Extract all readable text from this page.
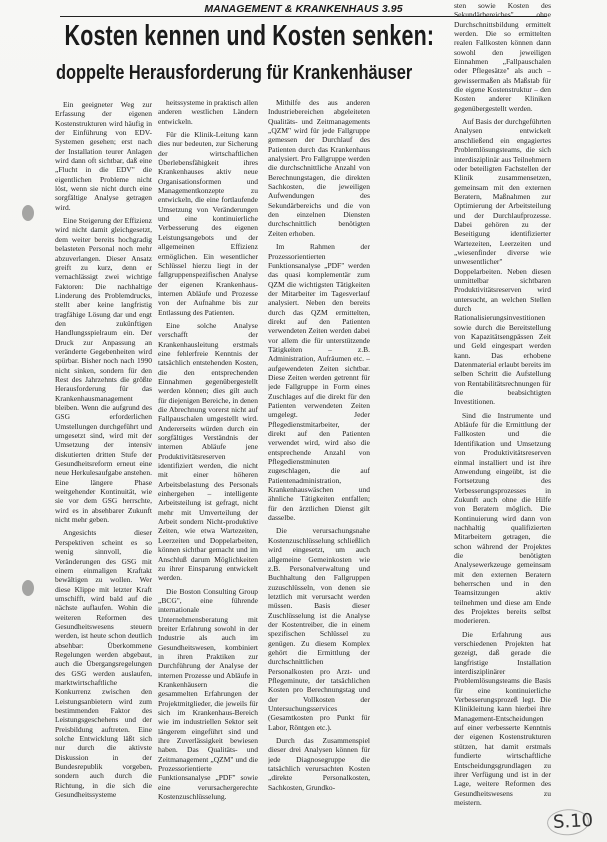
MANAGEMENT & KRANKENHAUS 3.95
Kosten kennen und Kosten senken:
doppelte Herausforderung für Krankenhäuser

Ein geeigneter Weg zur Erfassung der eigenen Kostenstrukturen wird häufig in der Einführung von EDV-Systemen gesehen; erst nach der Installation teurer Anlagen wird dann oft sichtbar, daß eine „Flucht in die EDV" die eigentlichen Probleme nicht löst, wenn sie nicht durch eine sorgfältige Analyse getragen wird.

Eine Steigerung der Effizienz wird nicht damit gleichgesetzt, dem weiter bereits hochgradig belasteten Personal noch mehr abzuverlangen. Dieser Ansatz greift zu kurz, denn er vernachlässigt zwei wichtige Faktoren: Die nachhaltige Linderung des Problemdrucks, stellt aber keine langfristig tragfähige Lösung dar und engt den zukünftigen Handlungsspielraum ein. Der Druck zur Anpassung an veränderte Gegebenheiten wird spürbar. Bisher noch nach 1990 nicht sinken, sondern für den Rest des Jahrzehnts die größte Herausforderung für das Krankenhausmanagement bleiben. Wenn die aufgrund des GSG erforderlichen Umstellungen durchgeführt und umgesetzt sind, wird mit der Umsetzung der intensiv diskutierten dritten Stufe der Gesundheitsreform erneut eine neue Herkulesaufgabe anstehen. Eine längere Phase weitgehender Kontinuität, wie sie vor dem GSG herrschte, wird es in absehbarer Zukunft nicht mehr geben.

Angesichts dieser Perspektiven scheint es so wenig sinnvoll, die Veränderungen des GSG mit einem einmaligen Kraftakt bewältigen zu wollen. Wer diese Klippe mit letzter Kraft umschifft, wird bald auf die nächste auflaufen. Wohin die weiteren Reformen des Gesundheitswesens steuern werden, ist heute schon deutlich absehbar: Überkommene Regelungen werden abgebaut, auch die Übergangsregelungen des GSG werden auslaufen, marktwirtschaftliche Konkurrenz zwischen den Leistungsanbietern wird zum bestimmenden Faktor des Leistungsgeschehens und der Preisbildung auftreten. Eine solche Entwicklung läßt sich nur durch die aktivste Diskussion in der Bundesrepublik vorgeben, sondern auch durch die Richtung, in die sich die Gesundheitssysteme

heitssysteme in praktisch allen anderen westlichen Ländern entwickeln.

Für die Klinik-Leitung kann dies nur bedeuten, zur Sicherung der wirtschaftlichen Überlebensfähigkeit ihres Krankenhauses aktiv neue Organisationsformen und Managementkonzepte zu entwickeln, die eine fortlaufende Umsetzung von Veränderungen und eine kontinuierliche Verbesserung des eigenen Leistungsangebots und der allgemeinen Effizienz ermöglichen. Ein wesentlicher Schlüssel hierzu liegt in der fallgruppenspezifischen Analyse der eigenen Krankenhaus-internen Abläufe und Prozesse von der Aufnahme bis zur Entlassung des Patienten.

Eine solche Analyse verschafft der Krankenhausleitung erstmals eine fehlerfreie Kenntnis der tatsächlich entstehenden Kosten, die den entsprechenden Einnahmen gegenübergestellt werden können; dies gilt auch für diejenigen Bereiche, in denen die Abrechnung vorerst nicht auf Fallpauschalen umgestellt wird. Andererseits würden durch ein sorgfältiges Verständnis der internen Abläufe jene Produktivitätsreserven identifiziert werden, die nicht mit einer höheren Arbeitsbelastung des Personals einhergehen – intelligente Arbeitsteilung ist gefragt, nicht mehr mit Umverteilung der Arbeit sondern Nicht-produktive Zeiten, wie etwa Wartezeiten, Leerzeiten und Doppelarbeiten, können sichtbar gemacht und im Anschluß darum Möglichkeiten zu ihrer Einsparung entwickelt werden.

Die Boston Consulting Group „BCG", eine führende internationale Unternehmensberatung mit breiter Erfahrung sowohl in der Industrie als auch im Gesundheitswesen, kombiniert in ihren Praktiken zur Durchführung der Analyse der internen Prozesse und Abläufe in Krankenhäusern die gesammelten Erfahrungen der Projektmitglieder, die jeweils für sich im Krankenhaus-Bereich wie im industriellen Sektor seit längerem eingeführt sind und ihre Zuverlässigkeit bewiesen haben. Das Qualitäts- und Zeitmanagement „QZM" und die Prozessorientierte Funktionsanalyse „PDF" sowie eine verursachergerechte Kostenzuschlüsselung.

Mithilfe des aus anderen Industriebereichen abgeleiteten Qualitäts- und Zeitmanagements „QZM" wird für jede Fallgruppe gemessen der Durchlauf des Patienten durch das Krankenhaus analysiert. Pro Fallgruppe werden die durchschnittliche Anzahl von Berechnungstagen, die direkten Sachkosten, die jeweiligen Aufwendungen des Sekundärbereichs und die von den einzelnen Diensten durchschnittlich benötigten Zeiten erhoben.

Im Rahmen der Prozessorientierten Funktionsanalyse „PDF" werden das quasi komplementär zum QZM die wichtigsten Tätigkeiten der Mitarbeiter im Tagesverlauf analysiert. Neben den bereits durch das QZM ermittelten, direkt auf den Patienten verwendeten Zeiten werden dabei vor allem die für unterstützende Tätigkeiten – z.B. Administration, Aufräumen etc. – aufgewendeten Zeiten sichtbar. Diese Zeiten werden getrennt für jede Fallgruppe in Form eines Zuschlages auf die direkt für den Patienten verwendeten Zeiten umgelegt. Jeder Pflegedienstmitarbeiter, der direkt auf den Patienten verwendet wird, wird also die entsprechende Anzahl von Pflegedienstminuten zugeschlagen, die auf Patientenadministration, Krankenhauswäschen und ähnliche Tätigkeiten entfallen; für den ärztlichen Dienst gilt dasselbe.

Die verursachungsnahe Kostenzuschlüsselung schließlich wird eingesetzt, um auch allgemeine Gemeinkosten wie z.B. Personalverwaltung und Buchhaltung den Fallgruppen zuzuschlüsseln, von denen sie letztlich mit verursacht werden müssen. Basis dieser Zuschlüsselung ist die Analyse der Kostentreiber, die in einem spezifischen Schlüssel zu genügen. Zu diesem Komplex gehört die Ermittlung der durchschnittlichen Personalkosten pro Arzt- und Pflegeminute, der tatsächlichen Kosten pro Berechnungstag und der Vollkosten der Untersuchungsservices (Gesamtkosten pro Punkt für Labor, Röntgen etc.).

Durch das Zusammenspiel dieser drei Analysen können für jede Diagnosegruppe die tatsächlich verursachten Kosten „direkte Personalkosten, Sachkosten, Grundko-

sten sowie Kosten des Sekundärbereiches" ohne Durchschnittsbildung ermittelt werden. Die so ermittelten realen Fallkosten können dann sowohl den jeweiligen Einnahmen „Fallpauschalen oder Pflegesätze" als auch – gewissermaßen als Maßstab für die eigene Kostenstruktur – den Kosten anderer Kliniken gegenübergestellt werden.

Auf Basis der durchgeführten Analysen entwickelt anschließend ein engagiertes Problemlösungsteams, die sich interdisziplinär aus Teilnehmern oder beteiligten Fachstellen der Klinik zusammensetzen, gemeinsam mit den externen Beratern, Maßnahmen zur Optimierung der Arbeitsteilung und der Durchlaufprozesse. Dabei gehören zu der Beseitigung identifizierter Wartezeiten, Leerzeiten und „wiesenfinder diverse wie unwesentlicher" Doppelarbeiten. Neben diesen unmittelbar sichtbaren Produktivitätsreserven wird untersucht, an welchen Stellen durch Rationalisierungsinvestitionen sowie durch die Bereitstellung von Kapazitätsengpässen Zeit und Geld eingespart werden kann. Das erhobene Datenmaterial erlaubt bereits im selben Schritt die Aufstellung von Rentabilitätsrechnungen für die beabsichtigten Investitionen.

Sind die Instrumente und Abläufe für die Ermittlung der Fallkosten und die Identifikation und Umsetzung von Produktivitätsreserven einmal installiert und ist ihre Anwendung eingeübt, ist die Fortsetzung des Verbesserungsprozesses in Zukunft auch ohne die Hilfe von Beratern möglich. Die Kontinuierung wird dann von nachhaltig qualifizierten Mitarbeitern getragen, die schon während der Projektes die benötigten Analysewerkzeuge gemeinsam mit den externen Beratern beherrschen und in den Teamsitzungen aktiv teilnehmen und diese am Ende des Projektes bereits selbst moderieren.

Die Erfahrung aus verschiedenen Projekten hat gezeigt, daß gerade die langfristige Installation interdisziplinärer Problemlösungsteams die Basis für eine kontinuierliche Verbesserungsprozeß legt. Die Klinikleitung kann hierbei ihre Management-Entscheidungen auf einer verbesserte Kenntnis der eigenen Kostenstrukturen stützen, hat damit erstmals fundierte wirtschaftliche Entscheidungsgrundlagen zu ihrer Verfügung und ist in der Lage, weitere Reformen des Gesundheitswesens zu meistern.

S.10
